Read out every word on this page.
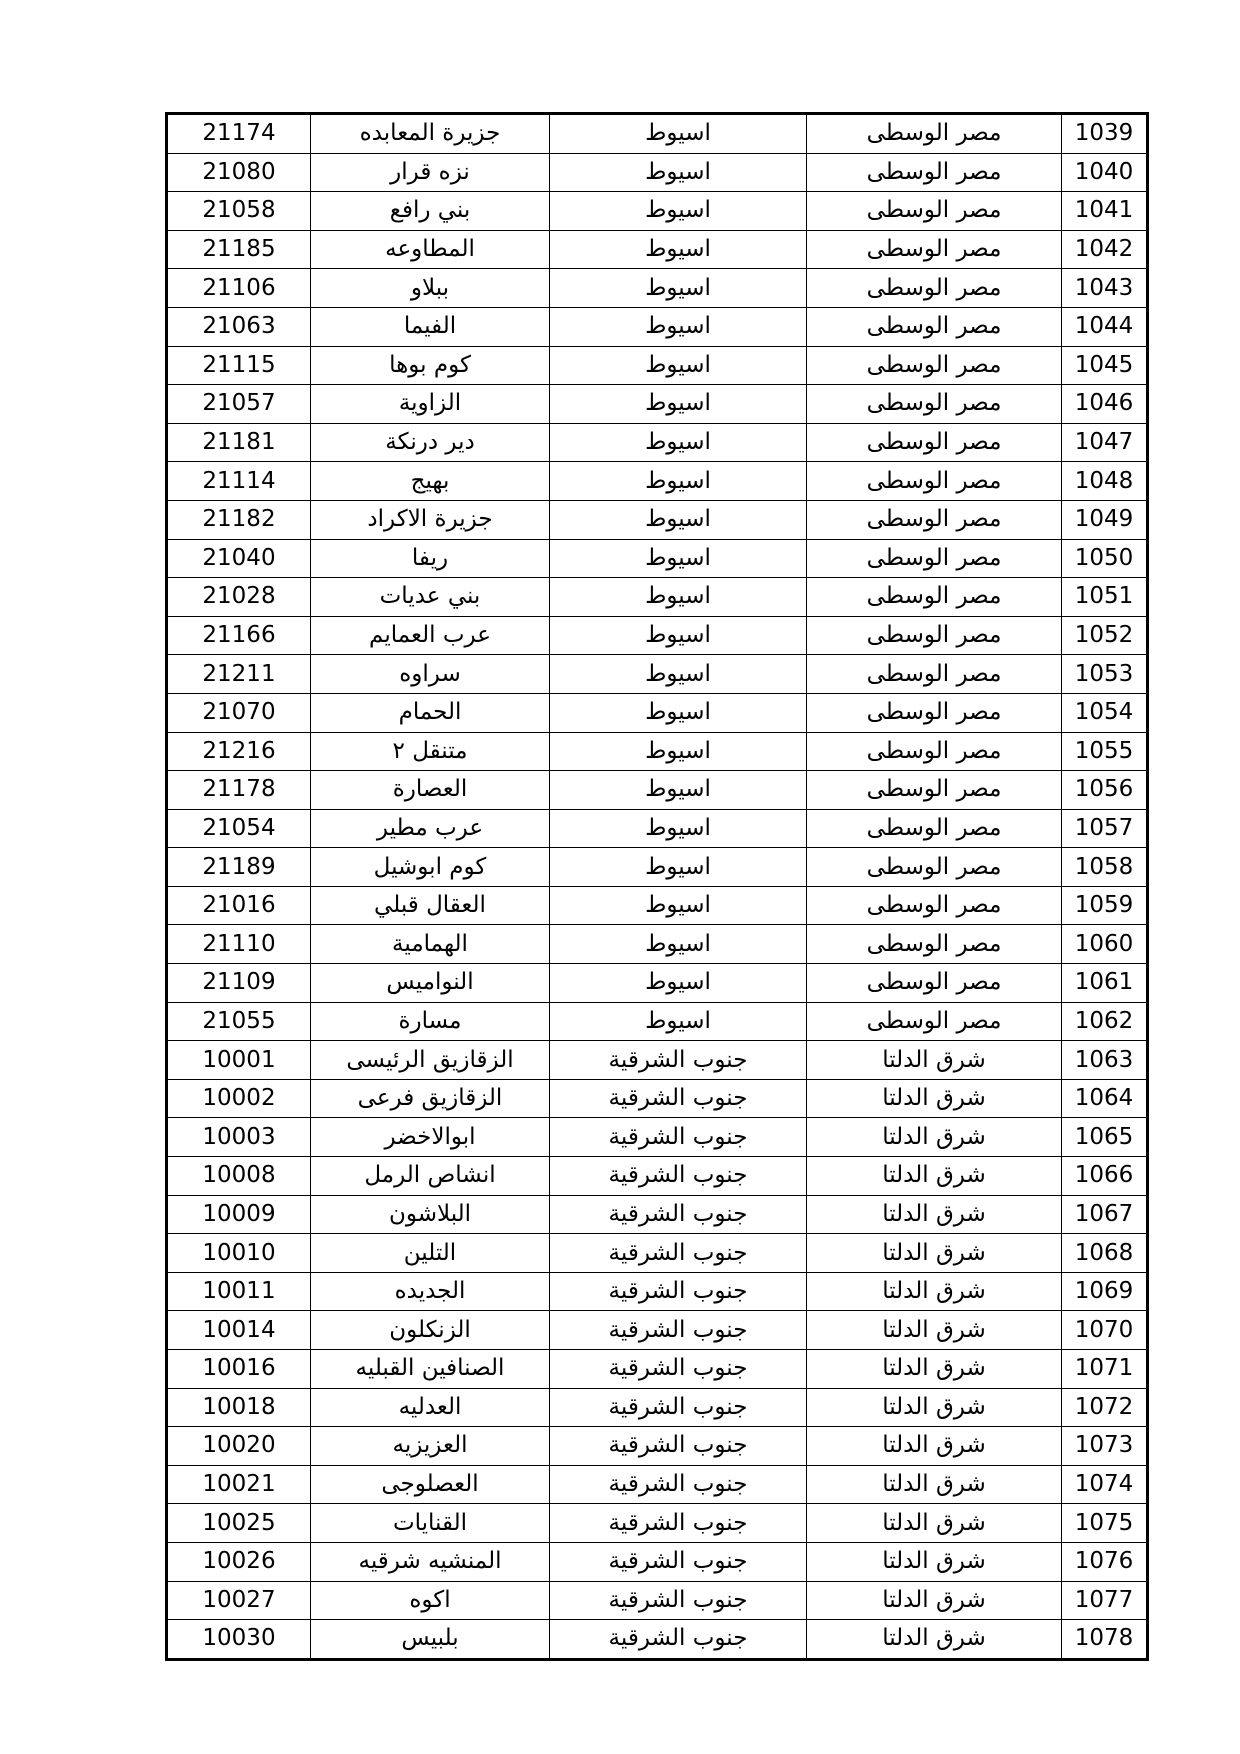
21174	جزيرة المعابده	اسيوط	مصر الوسطى	1039
21080	نزه قرار	اسيوط	مصر الوسطى	1040
21058	بني رافع	اسيوط	مصر الوسطى	1041
21185	المطاوعه	اسيوط	مصر الوسطى	1042
21106	ببلاو	اسيوط	مصر الوسطى	1043
21063	الفيما	اسيوط	مصر الوسطى	1044
21115	كوم بوها	اسيوط	مصر الوسطى	1045
21057	الزاوية	اسيوط	مصر الوسطى	1046
21181	دير درنكة	اسيوط	مصر الوسطى	1047
21114	بهيج	اسيوط	مصر الوسطى	1048
21182	جزيرة الاكراد	اسيوط	مصر الوسطى	1049
21040	ريفا	اسيوط	مصر الوسطى	1050
21028	بني عديات	اسيوط	مصر الوسطى	1051
21166	عرب العمايم	اسيوط	مصر الوسطى	1052
21211	سراوه	اسيوط	مصر الوسطى	1053
21070	الحمام	اسيوط	مصر الوسطى	1054
21216	متنقل ٢	اسيوط	مصر الوسطى	1055
21178	العصارة	اسيوط	مصر الوسطى	1056
21054	عرب مطير	اسيوط	مصر الوسطى	1057
21189	كوم ابوشيل	اسيوط	مصر الوسطى	1058
21016	العقال قبلي	اسيوط	مصر الوسطى	1059
21110	الهمامية	اسيوط	مصر الوسطى	1060
21109	النواميس	اسيوط	مصر الوسطى	1061
21055	مسارة	اسيوط	مصر الوسطى	1062
10001	الزقازيق الرئيسى	جنوب الشرقية	شرق الدلتا	1063
10002	الزقازيق فرعى	جنوب الشرقية	شرق الدلتا	1064
10003	ابوالاخضر	جنوب الشرقية	شرق الدلتا	1065
10008	انشاص الرمل	جنوب الشرقية	شرق الدلتا	1066
10009	البلاشون	جنوب الشرقية	شرق الدلتا	1067
10010	التلين	جنوب الشرقية	شرق الدلتا	1068
10011	الجديده	جنوب الشرقية	شرق الدلتا	1069
10014	الزنكلون	جنوب الشرقية	شرق الدلتا	1070
10016	الصنافين القبليه	جنوب الشرقية	شرق الدلتا	1071
10018	العدليه	جنوب الشرقية	شرق الدلتا	1072
10020	العزيزيه	جنوب الشرقية	شرق الدلتا	1073
10021	العصلوجى	جنوب الشرقية	شرق الدلتا	1074
10025	القنايات	جنوب الشرقية	شرق الدلتا	1075
10026	المنشيه شرقيه	جنوب الشرقية	شرق الدلتا	1076
10027	اكوه	جنوب الشرقية	شرق الدلتا	1077
10030	بلبيس	جنوب الشرقية	شرق الدلتا	1078
